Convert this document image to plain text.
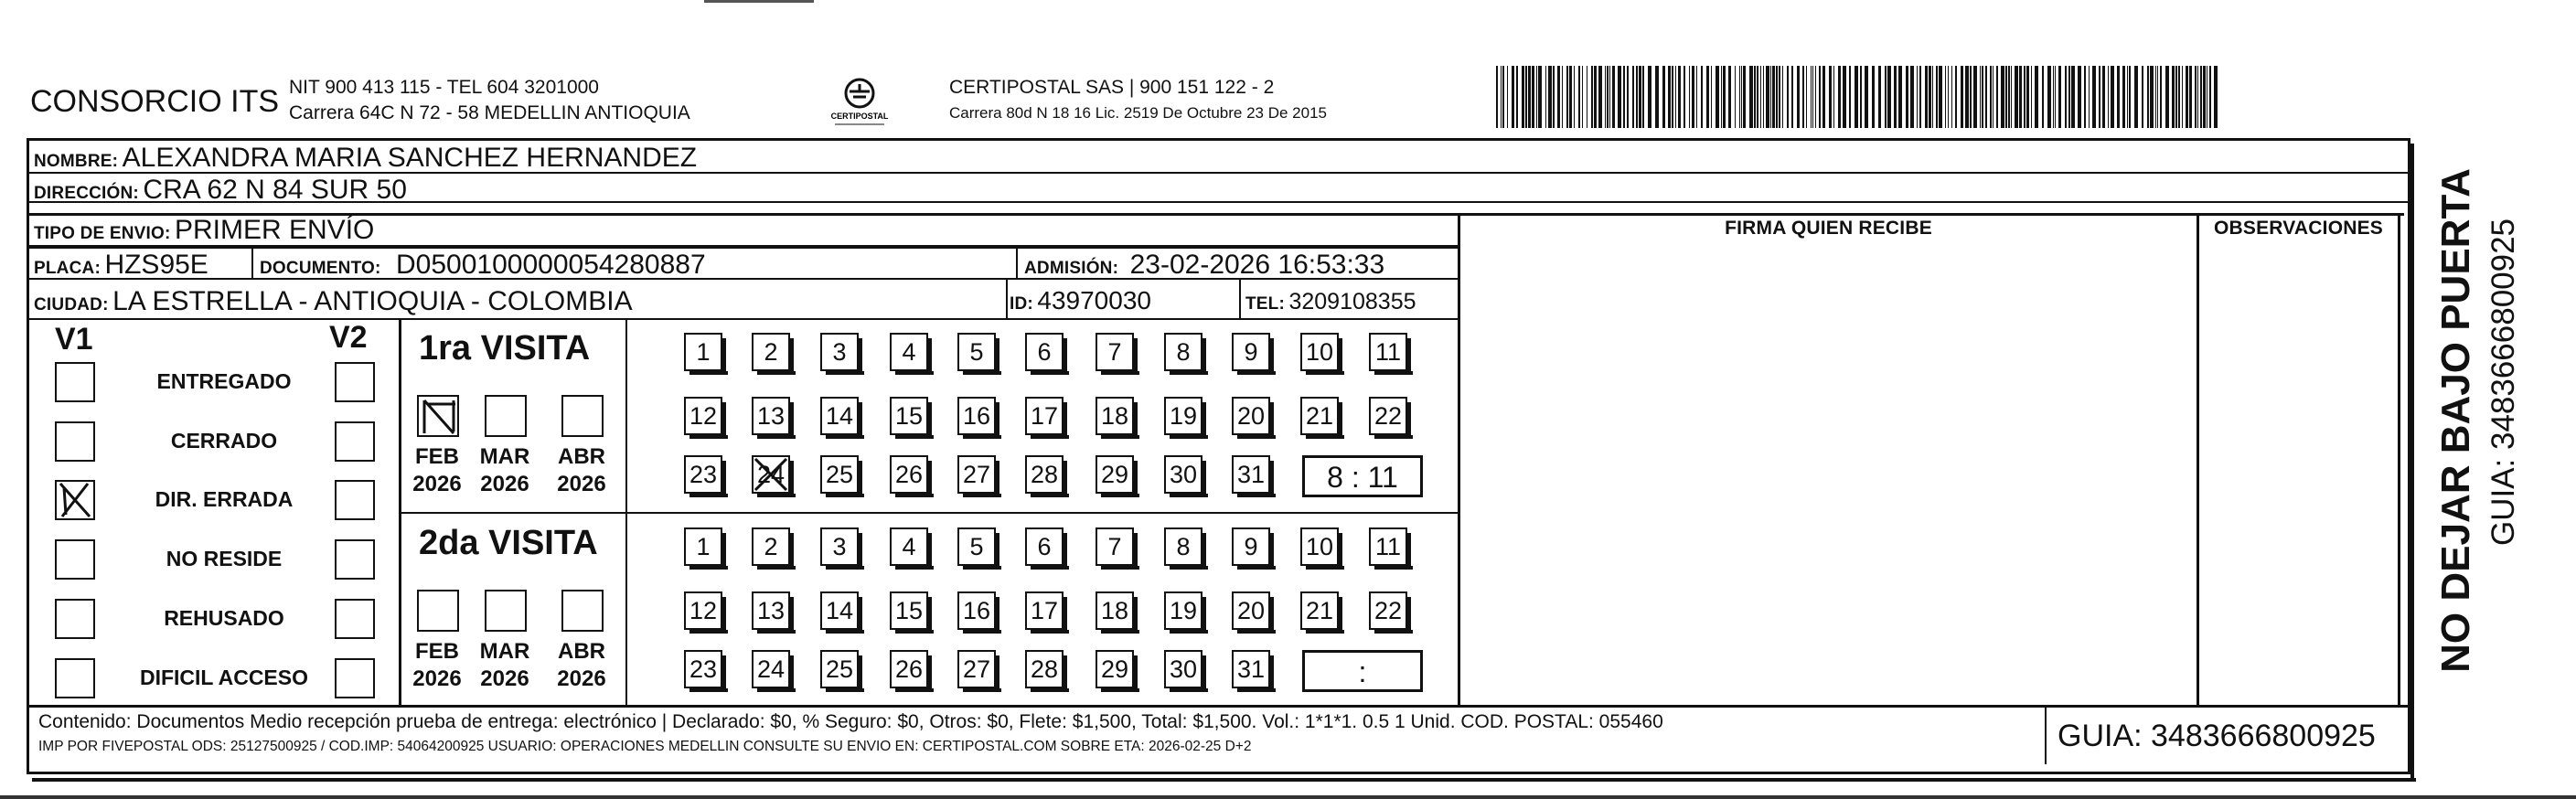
CONSORCIO ITS NIT 900 413 115 - TEL 604 3201000
Carrera 64C N 72 - 58 MEDELLIN ANTIOQUIA	CERTIPOSTAL
CERTIPOSTAL SAS | 900 151 122 - 2
Carrera 80d N 18 16 Lic. 2519 De Octubre 23 De 2015
NOMBRE: ALEXANDRA MARIA SANCHEZ HERNANDEZ
DIRECCIÓN: CRA 62 N 84 SUR 50
TIPO DE ENVIO: PRIMER ENVÍO	FIRMA QUIEN RECIBE	OBSERVACIONES
PLACA: HZS95E	DOCUMENTO: D0500100000054280887	ADMISIÓN: 23-02-2026 16:53:33
CIUDAD: LA ESTRELLA - ANTIOQUIA - COLOMBIA	ID: 43970030	TEL: 3209108355
V1	V2
ENTREGADO
CERRADO
DIR. ERRADA
NO RESIDE
REHUSADO
DIFICIL ACCESO
1ra VISITA
FEB
2026
MAR
2026
ABR
2026
1	2	3	4	5	6	7	8	9	10 11
12 13 14 15 16 17 18 19 20 21 22
23 24 25 26 27 28 29 30 31	8 : 11
2da VISITA
FEB
2026
MAR
2026
ABR
2026
1	2	3	4	5	6	7	8	9	10 11
12 13 14 15 16 17 18 19 20 21 22
23 24 25 26 27 28 29 30 31	:
Contenido: Documentos Medio recepción prueba de entrega: electrónico | Declarado: $0, % Seguro: $0, Otros: $0, Flete: $1,500, Total: $1,500. Vol.: 1*1*1. 0.5 1 Unid. COD. POSTAL: 055460
IMP POR FIVEPOSTAL ODS: 25127500925 / COD.IMP: 54064200925 USUARIO: OPERACIONES MEDELLIN CONSULTE SU ENVIO EN: CERTIPOSTAL.COM SOBRE ETA: 2026-02-25 D+2	GUIA: 3483666800925
NO DEJAR BAJO PUERTA GUIA: 3483666800925
